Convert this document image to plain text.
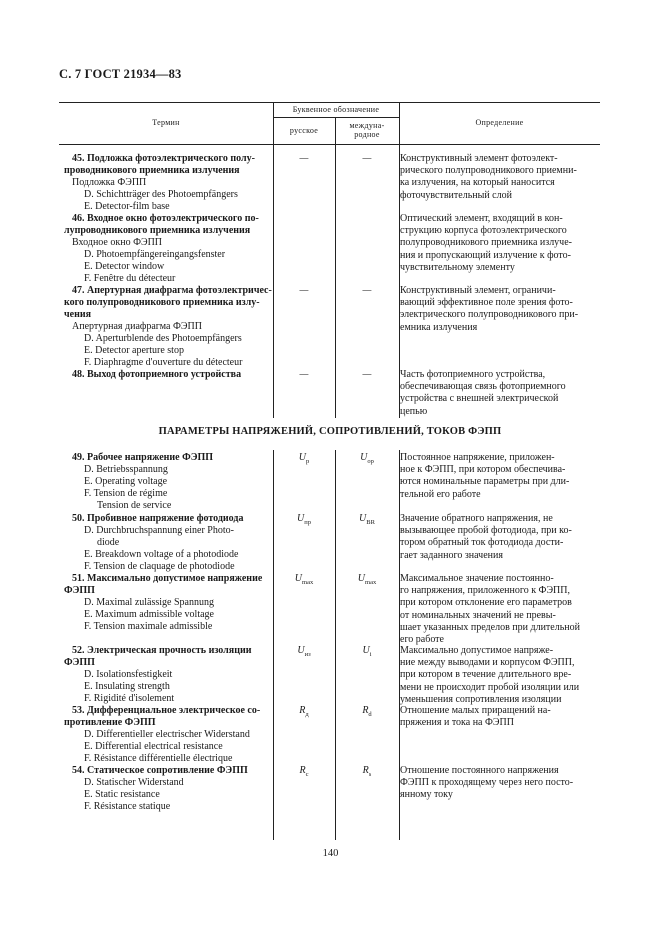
С. 7 ГОСТ 21934—83
Термин
Буквенное обозначение
русское
междуна-
родное
Определение
45. Подложка фотоэлектрического полу-
проводникового приемника излучения
Подложка ФЭПП
D. Schichtträger des Photoempfängers
E. Detector-film base
—	—	Конструктивный элемент фотоэлект-
рического полупроводникового приемни-
ка излучения, на который наносится
фоточувствительный слой
46. Входное окно фотоэлектрического по-
лупроводникового приемника излучения
Входное окно ФЭПП
D. Photoempfängereingangsfenster
E. Detector window
F. Fenêtre du détecteur
Оптический элемент, входящий в кон-
струкцию корпуса фотоэлектрического
полупроводникового приемника излуче-
ния и пропускающий излучение к фото-
чувствительному элементу
47. Апертурная диафрагма фотоэлектричес-
кого полупроводникового приемника излу-
чения
Апертурная диафрагма ФЭПП
D. Aperturblende des Photoempfängers
E. Detector aperture stop
F. Diaphragme d'ouverture du détecteur
—	—	Конструктивный элемент, ограничи-
вающий эффективное поле зрения фото-
электрического полупроводникового при-
емника излучения
48. Выход фотоприемного устройства	—	—	Часть фотоприемного устройства,
обеспечивающая связь фотоприемного
устройства с внешней электрической
цепью
ПАРАМЕТРЫ НАПРЯЖЕНИЙ, СОПРОТИВЛЕНИЙ, ТОКОВ ФЭПП
49. Рабочее напряжение ФЭПП
D. Betriebsspannung
E. Operating voltage
F. Tension de régime
Tension de service
$U_р$	$U_{op}$	Постоянное напряжение, приложен-
ное к ФЭПП, при котором обеспечива-
ются номинальные параметры при дли-
тельной его работе
50. Пробивное напряжение фотодиода
D. Durchbruchspannung einer Photo-
diode
E. Breakdown voltage of a photodiode
F. Tension de claquage de photodiode
$U_{пр}$	$U_{BR}$	Значение обратного напряжения, не
вызывающее пробой фотодиода, при ко-
тором обратный ток фотодиода дости-
гает заданного значения
51. Максимально допустимое напряжение
ФЭПП
D. Maximal zulässige Spannung
E. Maximum admissible voltage
F. Tension maximale admissible
$U_{max}$	$U_{max}$	Максимальное значение постоянно-
го напряжения, приложенного к ФЭПП,
при котором отклонение его параметров
от номинальных значений не превы-
шает указанных пределов при длительной
его работе
52. Электрическая прочность изоляции
ФЭПП
D. Isolationsfestigkeit
E. Insulating strength
F. Rigidité d'isolement
$U_{из}$	$U_i$	Максимально допустимое напряже-
ние между выводами и корпусом ФЭПП,
при котором в течение длительного вре-
мени не происходит пробой изоляции или
уменьшения сопротивления изоляции
53. Дифференциальное электрическое со-
противление ФЭПП
D. Differentieller electrischer Widerstand
E. Differential electrical resistance
F. Résistance différentielle électrique
$R_д$	$R_d$	Отношение малых приращений на-
пряжения и тока на ФЭПП
54. Статическое сопротивление ФЭПП
D. Statischer Widerstand
E. Static resistance
F. Résistance statique
$R_с$	$R_s$	Отношение постоянного напряжения
ФЭПП к проходящему через него посто-
янному току
140
